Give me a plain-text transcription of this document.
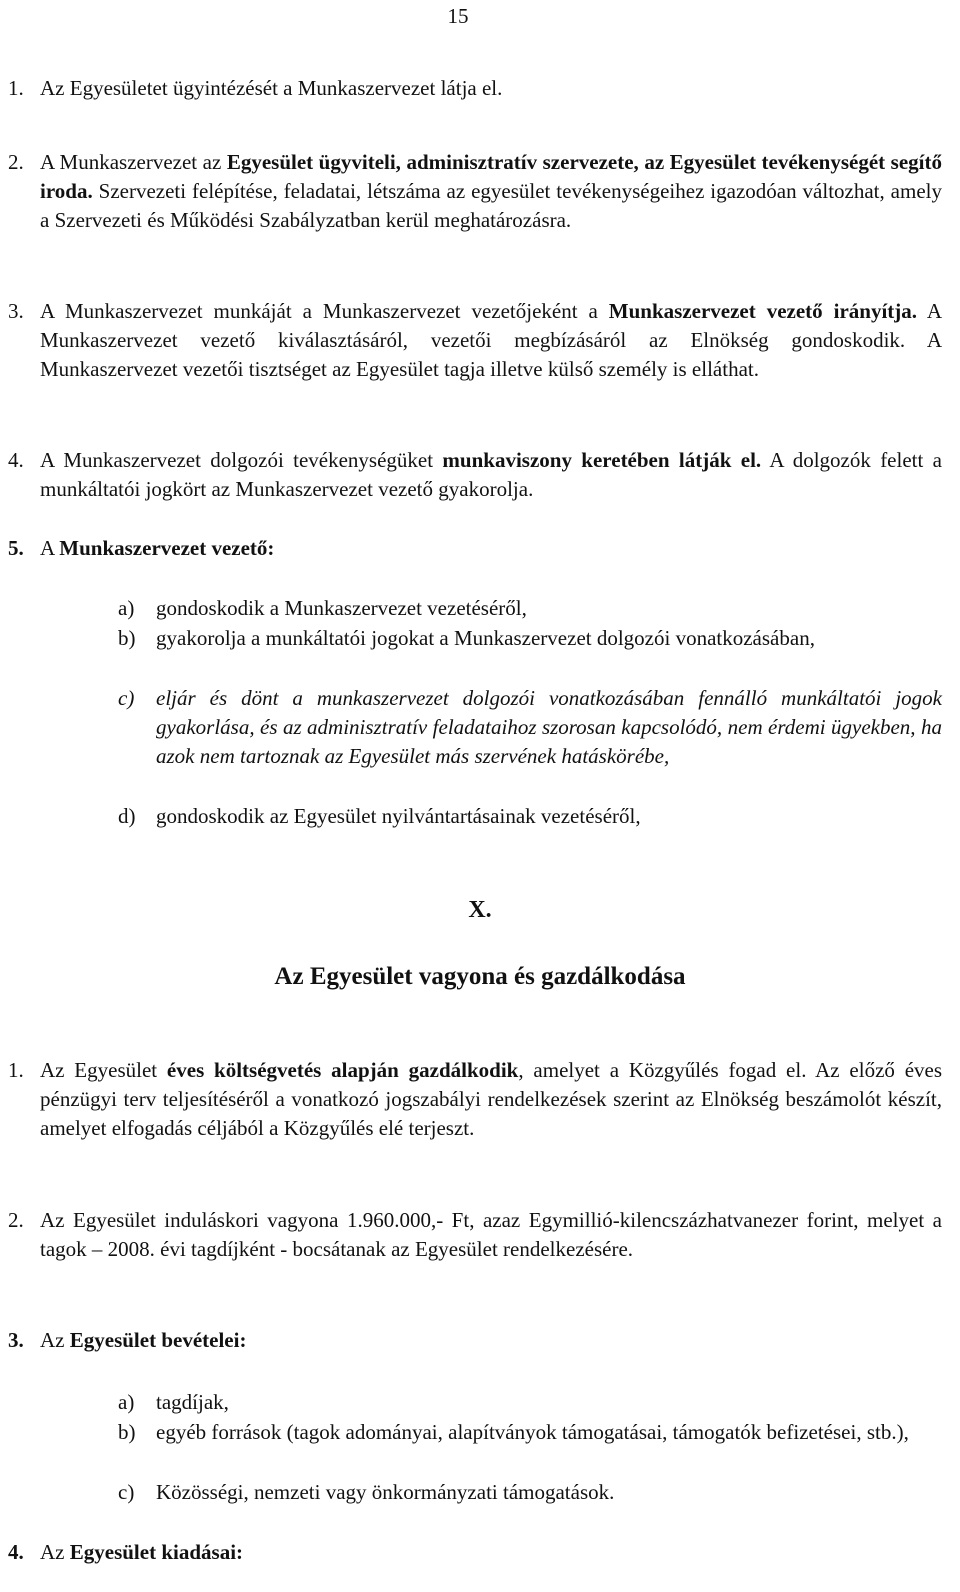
15
1. Az Egyesületet ügyintézését a Munkaszervezet látja el.
2. A Munkaszervezet az Egyesület ügyviteli, adminisztratív szervezete, az Egyesület tevékenységét segítő iroda. Szervezeti felépítése, feladatai, létszáma az egyesület tevékenységeihez igazodóan változhat, amely a Szervezeti és Működési Szabályzatban kerül meghatározásra.
3. A Munkaszervezet munkáját a Munkaszervezet vezetőjeként a Munkaszervezet vezető irányítja. A Munkaszervezet vezető kiválasztásáról, vezetői megbízásáról az Elnökség gondoskodik. A Munkaszervezet vezetői tisztséget az Egyesület tagja illetve külső személy is elláthat.
4. A Munkaszervezet dolgozói tevékenységüket munkaviszony keretében látják el. A dolgozók felett a munkáltatói jogkört az Munkaszervezet vezető gyakorolja.
5. A Munkaszervezet vezető:
a) gondoskodik a Munkaszervezet vezetéséről,
b) gyakorolja a munkáltatói jogokat a Munkaszervezet dolgozói vonatkozásában,
c) eljár és dönt a munkaszervezet dolgozói vonatkozásában fennálló munkáltatói jogok gyakorlása, és az adminisztratív feladataihoz szorosan kapcsolódó, nem érdemi ügyekben, ha azok nem tartoznak az Egyesület más szervének hatáskörébe,
d) gondoskodik az Egyesület nyilvántartásainak vezetéséről,
X.
Az Egyesület vagyona és gazdálkodása
1. Az Egyesület éves költségvetés alapján gazdálkodik, amelyet a Közgyűlés fogad el. Az előző éves pénzügyi terv teljesítéséről a vonatkozó jogszabályi rendelkezések szerint az Elnökség beszámolót készít, amelyet elfogadás céljából a Közgyűlés elé terjeszt.
2. Az Egyesület induláskori vagyona 1.960.000,- Ft, azaz Egymillió-kilencszázhatvanezer forint, melyet a tagok – 2008. évi tagdíjként - bocsátanak az Egyesület rendelkezésére.
3. Az Egyesület bevételei:
a) tagdíjak,
b) egyéb források (tagok adományai, alapítványok támogatásai, támogatók befizetései, stb.),
c) Közösségi, nemzeti vagy önkormányzati támogatások.
4. Az Egyesület kiadásai:
